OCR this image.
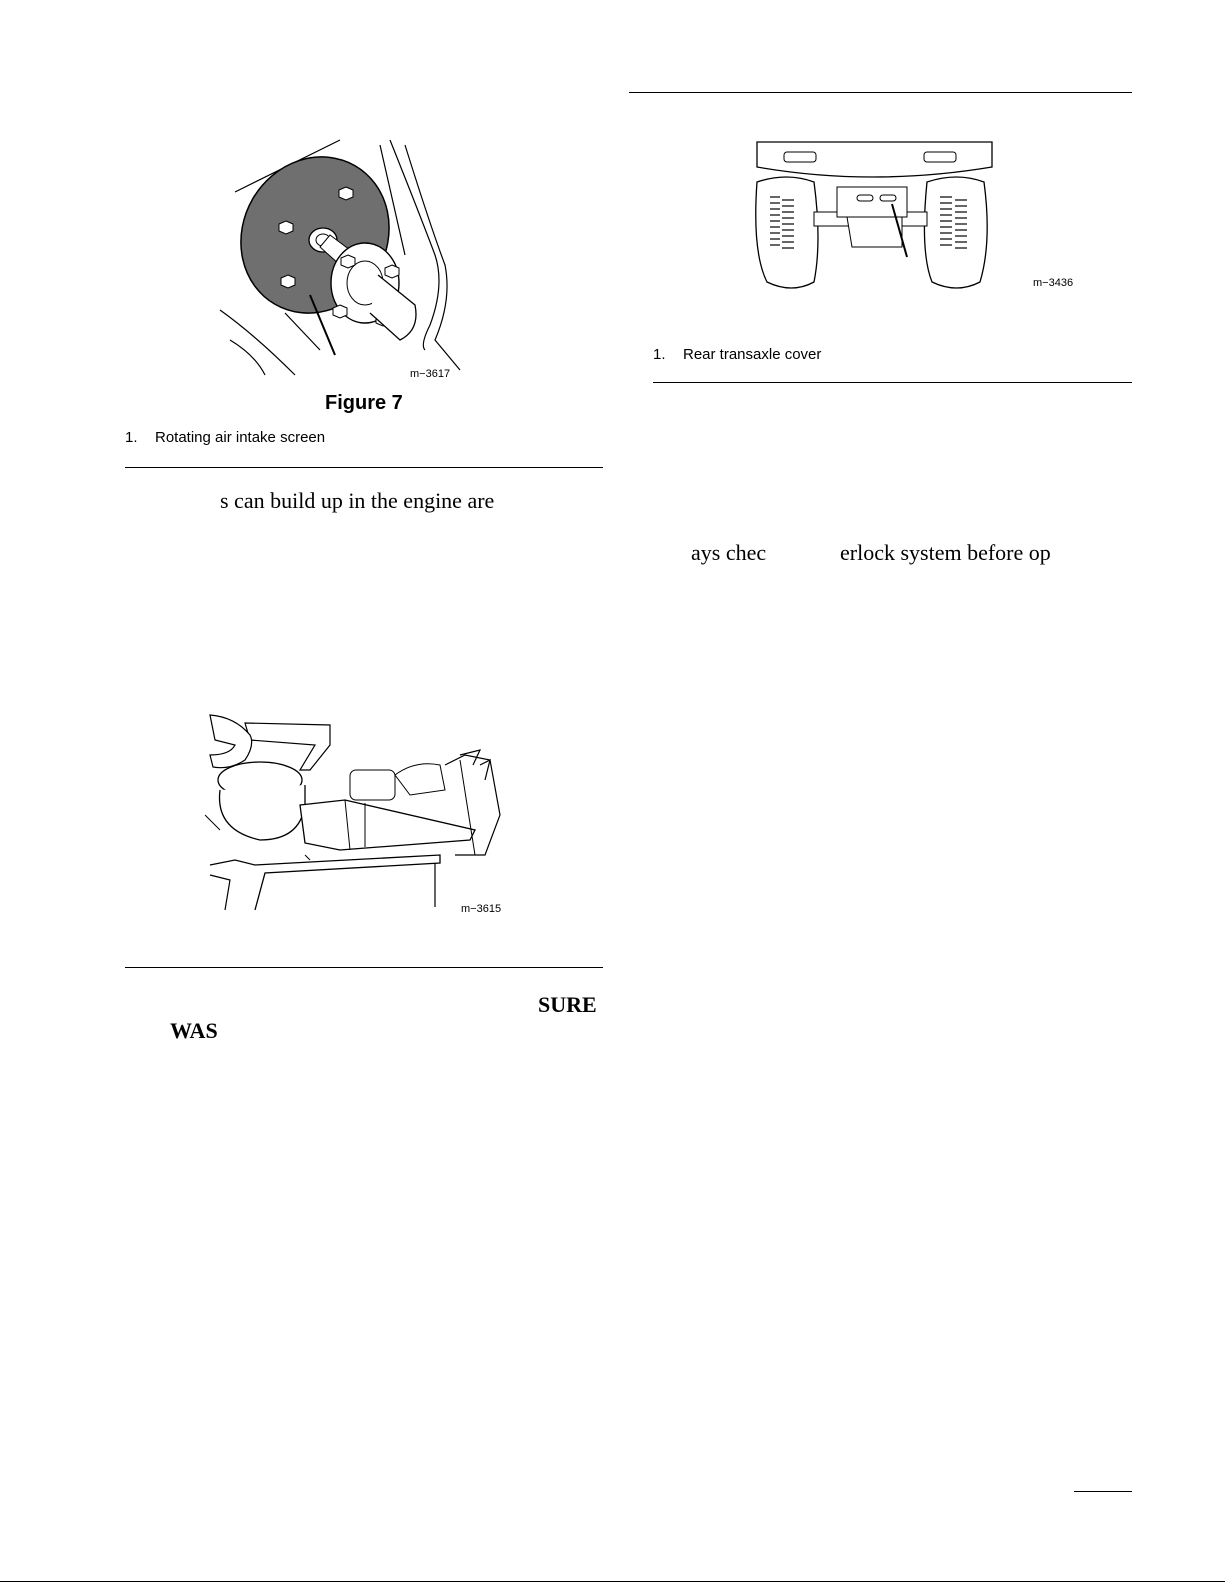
m−3617
Figure 7
1. Rotating air intake screen
s can build up in the engine are
m−3615
SURE
WAS
m−3436
1. Rear transaxle cover
ays chec	erlock system before op
